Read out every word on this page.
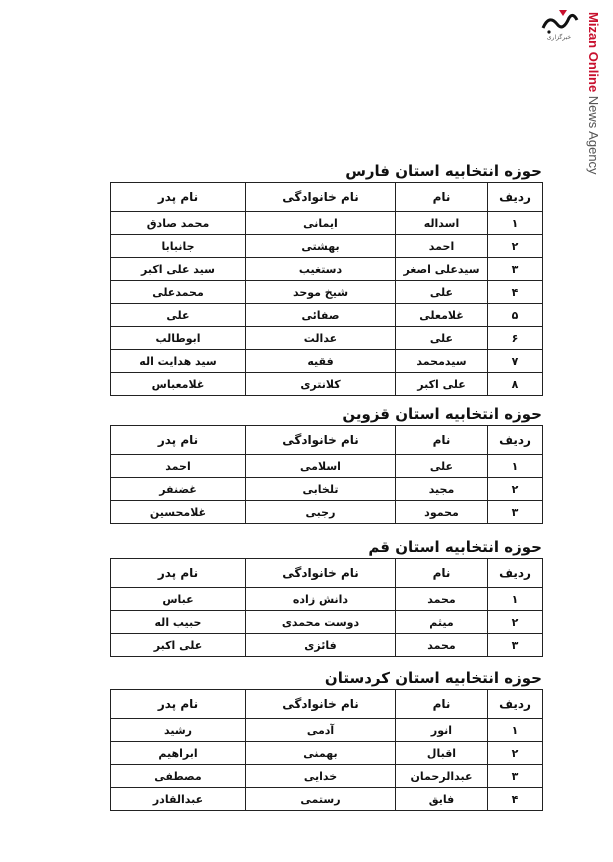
خبرگزاری	Mizan Online News Agency
حوزه انتخابیه استان فارس
ردیف	نام	نام خانوادگی	نام پدر
۱	اسداله	ایمانی	محمد صادق
۲	احمد	بهشتی	جانبابا
۳	سیدعلی اصغر	دستغیب	سید علی اکبر
۴	علی	شیخ موحد	محمدعلی
۵	غلامعلی	صفائی	علی
۶	علی	عدالت	ابوطالب
۷	سیدمحمد	فقیه	سید هدایت اله
۸	علی اکبر	کلانتری	غلامعباس
حوزه انتخابیه استان قزوین
ردیف	نام	نام خانوادگی	نام پدر
۱	علی	اسلامی	احمد
۲	مجید	تلخابی	غضنفر
۳	محمود	رجبی	غلامحسین
حوزه انتخابیه استان قم
ردیف	نام	نام خانوادگی	نام پدر
۱	محمد	دانش زاده	عباس
۲	میثم	دوست محمدی	حبیب اله
۳	محمد	فائزی	علی اکبر
حوزه انتخابیه استان کردستان
ردیف	نام	نام خانوادگی	نام پدر
۱	انور	آدمی	رشید
۲	اقبال	بهمنی	ابراهیم
۳	عبدالرحمان	خدایی	مصطفی
۴	فایق	رستمی	عبدالقادر
